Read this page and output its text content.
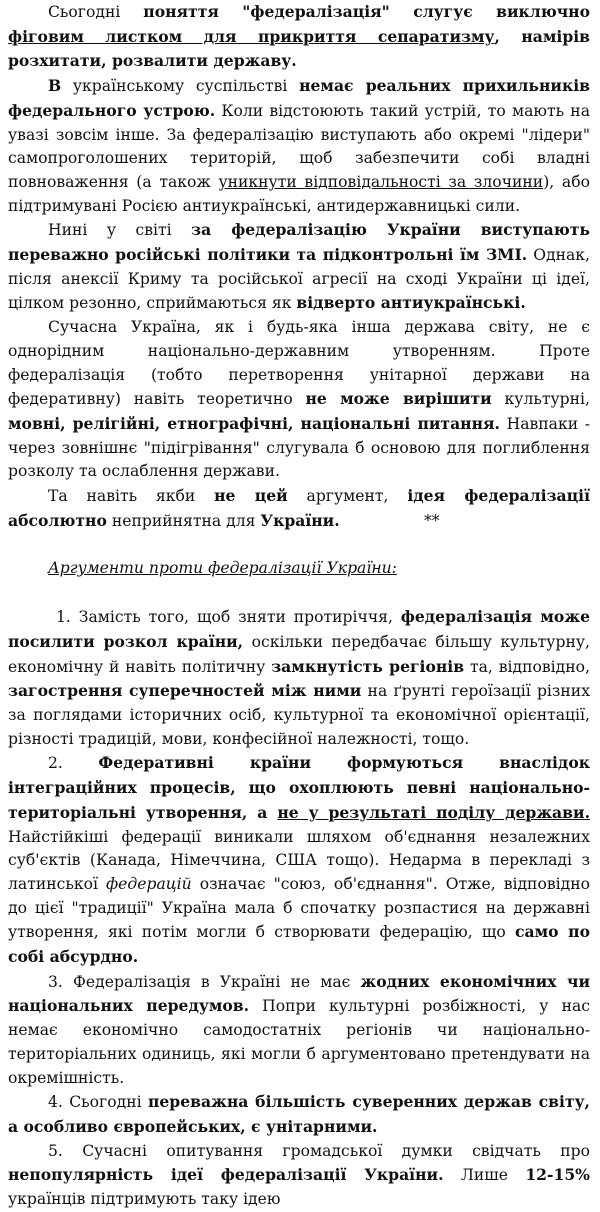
Сьогодні поняття "федералізація" слугує виключно фіговим листком для прикриття сепаратизму, намірів розхитати, розвалити державу.

В українському суспільстві немає реальних прихильників федерального устрою. Коли відстоюють такий устрій, то мають на увазі зовсім інше. За федералізацію виступають або окремі "лідери" самопроголошених територій, щоб забезпечити собі владні повноваження (а також уникнути відповідальності за злочини), або підтримувані Росією антиукраїнські, антидержавницькі сили.

Нині у світі за федералізацію України виступають переважно російські політики та підконтрольні їм ЗМІ. Однак, після анексії Криму та російської агресії на сході України ці ідеї, цілком резонно, сприймаються як відверто антиукраїнські.

Сучасна Україна, як і будь-яка інша держава світу, не є однорідним національно-державним утворенням. Проте федералізація (тобто перетворення унітарної держави на федеративну) навіть теоретично не може вирішити культурні, мовні, релігійні, етнографічні, національні питання. Навпаки - через зовнішнє "підігрівання" слугувала б основою для поглиблення розколу та ослаблення держави.

Та навіть якби не цей аргумент, ідея федералізації абсолютно неприйнятна для України.                 **

Аргументи проти федералізації України:

1. Замість того, щоб зняти протиріччя, федералізація може посилити розкол країни, оскільки передбачає більшу культурну, економічну й навіть політичну замкнутість регіонів та, відповідно, загострення суперечностей між ними на ґрунті героїзації різних за поглядами історичних осіб, культурної та економічної орієнтації, різності традицій, мови, конфесійної належності, тощо.

2. Федеративні країни формуються внаслідок інтеграційних процесів, що охоплюють певні національно-територіальні утворення, а не у результаті поділу держави. Найстійкіші федерації виникали шляхом об'єднання незалежних суб'єктів (Канада, Німеччина, США тощо). Недарма в перекладі з латинської федерацій означає "союз, об'єднання". Отже, відповідно до цієї "традиції" Україна мала б спочатку розпастися на державні утворення, які потім могли б створювати федерацію, що само по собі абсурдно.

3. Федералізація в Україні не має жодних економічних чи національних передумов. Попри культурні розбіжності, у нас немає економічно самодостатніх регіонів чи національно-територіальних одиниць, які могли б аргументовано претендувати на окремішність.

4. Сьогодні переважна більшість суверенних держав світу, а особливо європейських, є унітарними.

5. Сучасні опитування громадської думки свідчать про непопулярність ідеї федералізації України. Лише 12-15% українців підтримують таку ідею
